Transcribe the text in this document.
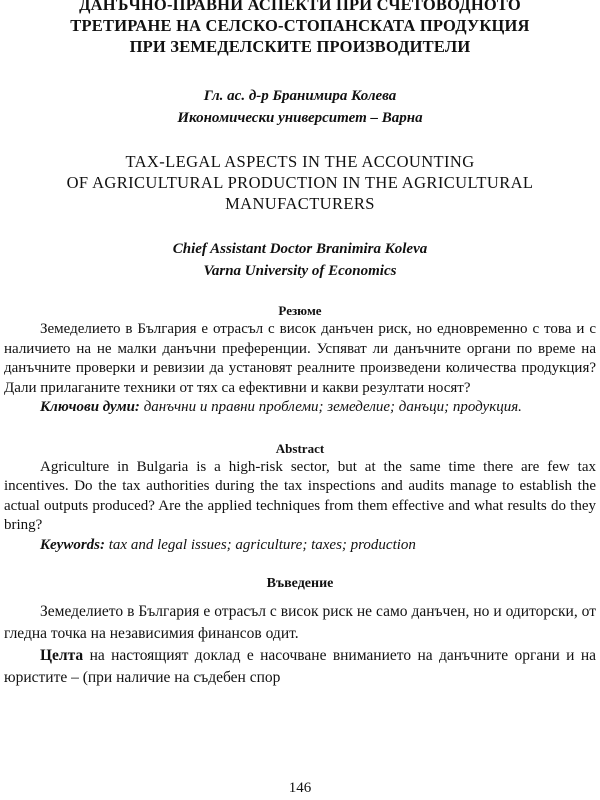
ДАНЪЧНО-ПРАВНИ АСПЕКТИ ПРИ СЧЕТОВОДНОТО
ТРЕТИРАНЕ НА СЕЛСКО-СТОПАНСКАТА ПРОДУКЦИЯ
ПРИ ЗЕМЕДЕЛСКИТЕ ПРОИЗВОДИТЕЛИ
Гл. ас. д-р Бранимира Колева
Икономически университет – Варна
TAX-LEGAL ASPECTS IN THE ACCOUNTING
OF AGRICULTURAL PRODUCTION IN THE AGRICULTURAL
MANUFACTURERS
Chief Assistant Doctor Branimira Koleva
Varna University of Economics
Резюме

Земеделието в България е отрасъл с висок данъчен риск, но едновременно с това и с наличието на не малки данъчни преференции. Успяват ли данъчните органи по време на данъчните проверки и ревизии да установят реалните произведени количества продукция? Дали прилаганите техники от тях са ефективни и какви резултати носят?

Ключови думи: данъчни и правни проблеми; земеделие; данъци; продукция.

Abstract

Agriculture in Bulgaria is a high-risk sector, but at the same time there are few tax incentives. Do the tax authorities during the tax inspections and audits manage to establish the actual outputs produced? Are the applied techniques from them effective and what results do they bring?

Keywords: tax and legal issues; agriculture; taxes; production

Въведение

Земеделието в България е отрасъл с висок риск не само данъчен, но и одиторски, от гледна точка на независимия финансов одит.

Целта на настоящият доклад е насочване вниманието на данъчните органи и на юристите – (при наличие на съдебен спор

146
